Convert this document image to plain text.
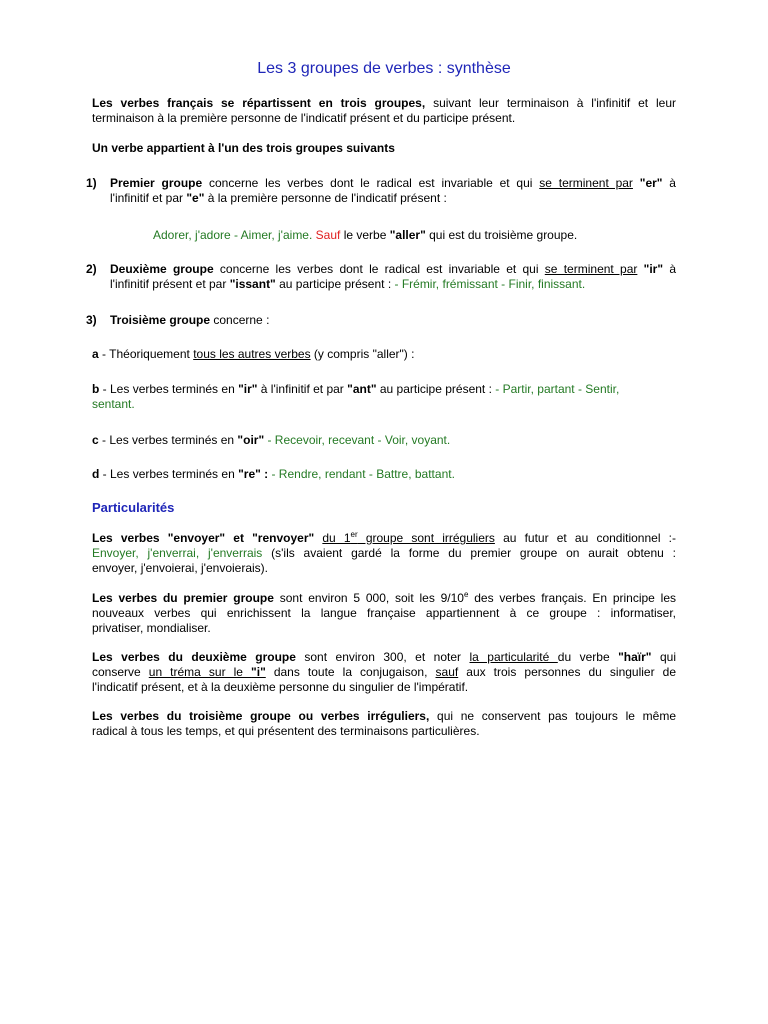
Les 3 groupes de verbes : synthèse
Les verbes français se répartissent en trois groupes, suivant leur terminaison à l'infinitif et leur
terminaison à la première personne de l'indicatif présent et du participe présent.
Un verbe appartient à l'un des trois groupes suivants
1) Premier groupe concerne les verbes dont le radical est invariable et qui se terminent par "er" à
l'infinitif et par "e" à la première personne de l'indicatif présent :
Adorer, j'adore - Aimer, j'aime. Sauf le verbe "aller" qui est du troisième groupe.
2) Deuxième groupe concerne les verbes dont le radical est invariable et qui se terminent par "ir" à
l'infinitif présent et par "issant" au participe présent : - Frémir, frémissant - Finir, finissant.
3) Troisième groupe concerne :
a - Théoriquement tous les autres verbes (y compris "aller") :
b - Les verbes terminés en "ir" à l'infinitif et par "ant" au participe présent : - Partir, partant - Sentir,
sentant.
c - Les verbes terminés en "oir" - Recevoir, recevant - Voir, voyant.
d - Les verbes terminés en "re" : - Rendre, rendant - Battre, battant.
Particularités
Les verbes "envoyer" et "renvoyer" du 1er groupe sont irréguliers au futur et au conditionnel :-
Envoyer, j'enverrai, j'enverrais (s'ils avaient gardé la forme du premier groupe on aurait obtenu :
envoyer, j'envoierai, j'envoierais).
Les verbes du premier groupe sont environ 5 000, soit les 9/10e des verbes français. En principe les
nouveaux verbes qui enrichissent la langue française appartiennent à ce groupe : informatiser,
privatiser, mondialiser.
Les verbes du deuxième groupe sont environ 300, et noter la particularité du verbe "haïr" qui
conserve un tréma sur le "i" dans toute la conjugaison, sauf aux trois personnes du singulier de
l'indicatif présent, et à la deuxième personne du singulier de l'impératif.
Les verbes du troisième groupe ou verbes irréguliers, qui ne conservent pas toujours le même
radical à tous les temps, et qui présentent des terminaisons particulières.
